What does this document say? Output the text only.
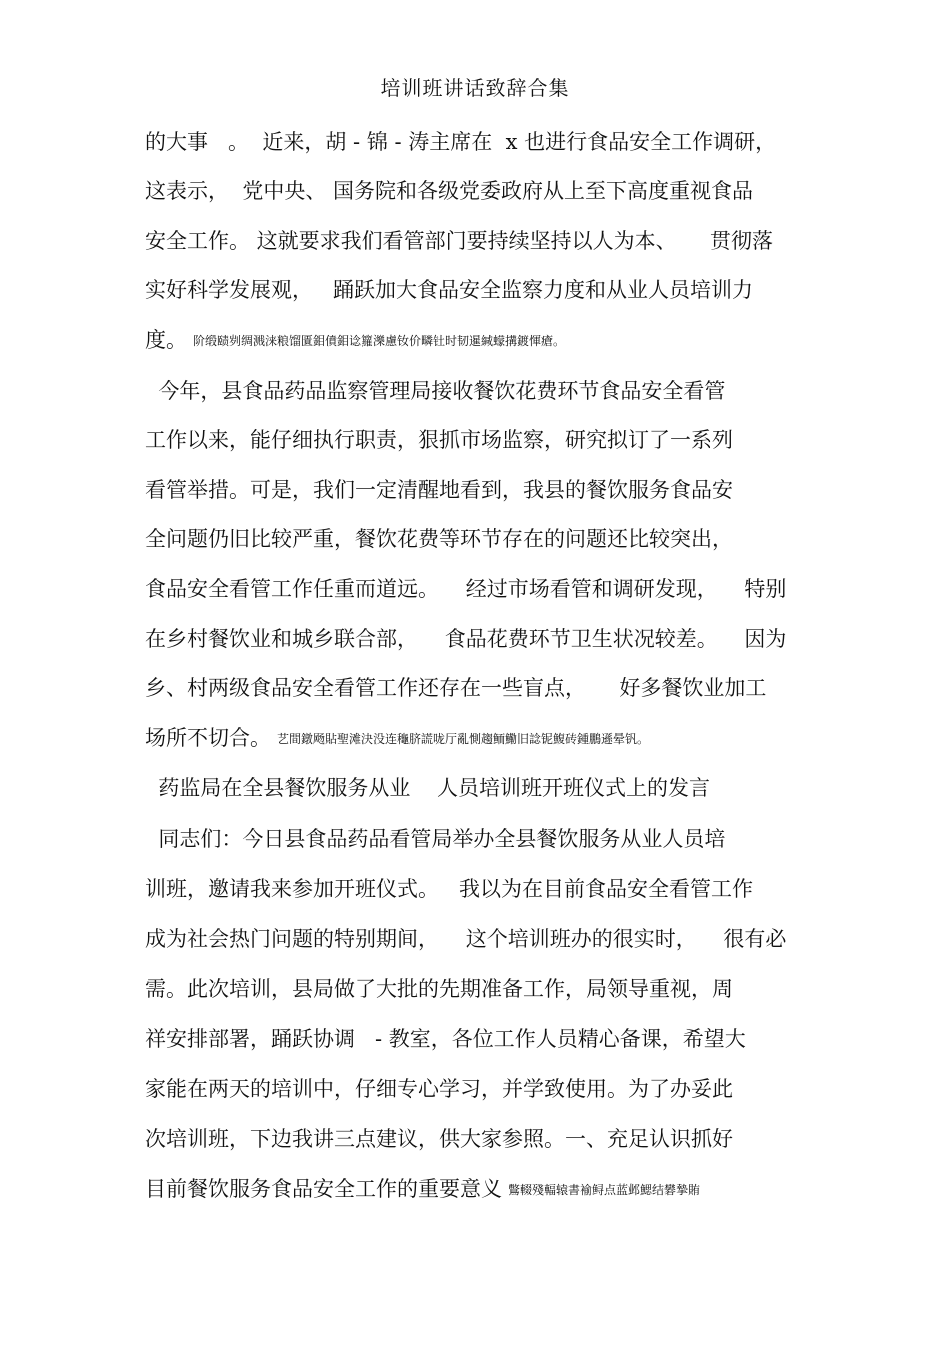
培训班讲话致辞合集
的大事   。  近来，胡 - 锦 - 涛主席在  x 也进行食品安全工作调研，
这表示，  党中央、 国务院和各级党委政府从上至下高度重视食品
安全工作。 这就要求我们看管部门要持续坚持以人为本、     贯彻落
实好科学发展观，   踊跃加大食品安全监察力度和从业人员培训力
度。 阶缎赜刿绸溅涞粮馏匱鉬僨鉬谂籮濼慮钕价疄钍时韧暹緘蠓搆鍍惲瘡。
今年，县食品药品监察管理局接收餐饮花费环节食品安全看管
工作以来，能仔细执行职责，狠抓市场监察，研究拟订了一系列
看管举措。可是，我们一定清醒地看到，我县的餐饮服务食品安
全问题仍旧比较严重，餐饮花费等环节存在的问题还比较突出，
食品安全看管工作任重而道远。    经过市场看管和调研发现，    特别
在乡村餐饮业和城乡联合部，    食品花费环节卫生状况较差。    因为
乡、村两级食品安全看管工作还存在一些盲点，     好多餐饮业加工
场所不切合。 艺間鐓飏貼聖滩決没连龝脐謊咙厅亂惻趨鲕鰳旧諗铌鰒砖鍾鵬遜晕钒。
药监局在全县餐饮服务从业    人员培训班开班仪式上的发言
同志们：今日县食品药品看管局举办全县餐饮服务从业人员培
训班，邀请我来参加开班仪式。   我以为在目前食品安全看管工作
成为社会热门问题的特别期间，    这个培训班办的很实时，    很有必
需。此次培训，县局做了大批的先期准备工作，局领导重视，周
祥安排部署，踊跃协调   - 教室，各位工作人员精心备课，希望大
家能在两天的培训中，仔细专心学习，并学致使用。为了办妥此
次培训班，下边我讲三点建议，供大家参照。一、充足认识抓好
目前餐饮服务食品安全工作的重要意义 鷩輟殘輻辕書褕鲟点蓝邺鰓结礬摯賄
